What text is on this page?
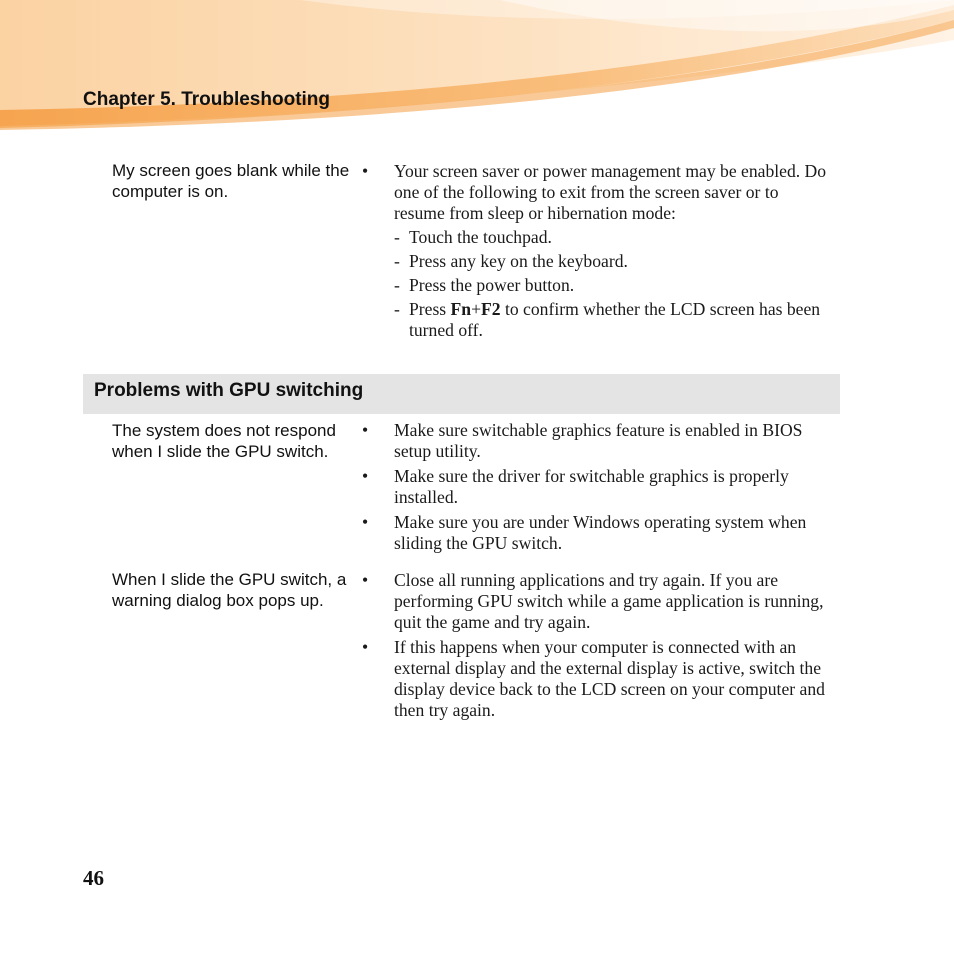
Chapter 5. Troubleshooting
My screen goes blank while the computer is on.
• Your screen saver or power management may be enabled. Do one of the following to exit from the screen saver or to resume from sleep or hibernation mode:
- Touch the touchpad.
- Press any key on the keyboard.
- Press the power button.
- Press Fn+F2 to confirm whether the LCD screen has been turned off.
Problems with GPU switching
The system does not respond when I slide the GPU switch.
• Make sure switchable graphics feature is enabled in BIOS setup utility.
• Make sure the driver for switchable graphics is properly installed.
• Make sure you are under Windows operating system when sliding the GPU switch.
When I slide the GPU switch, a warning dialog box pops up.
• Close all running applications and try again. If you are performing GPU switch while a game application is running, quit the game and try again.
• If this happens when your computer is connected with an external display and the external display is active, switch the display device back to the LCD screen on your computer and then try again.
46
